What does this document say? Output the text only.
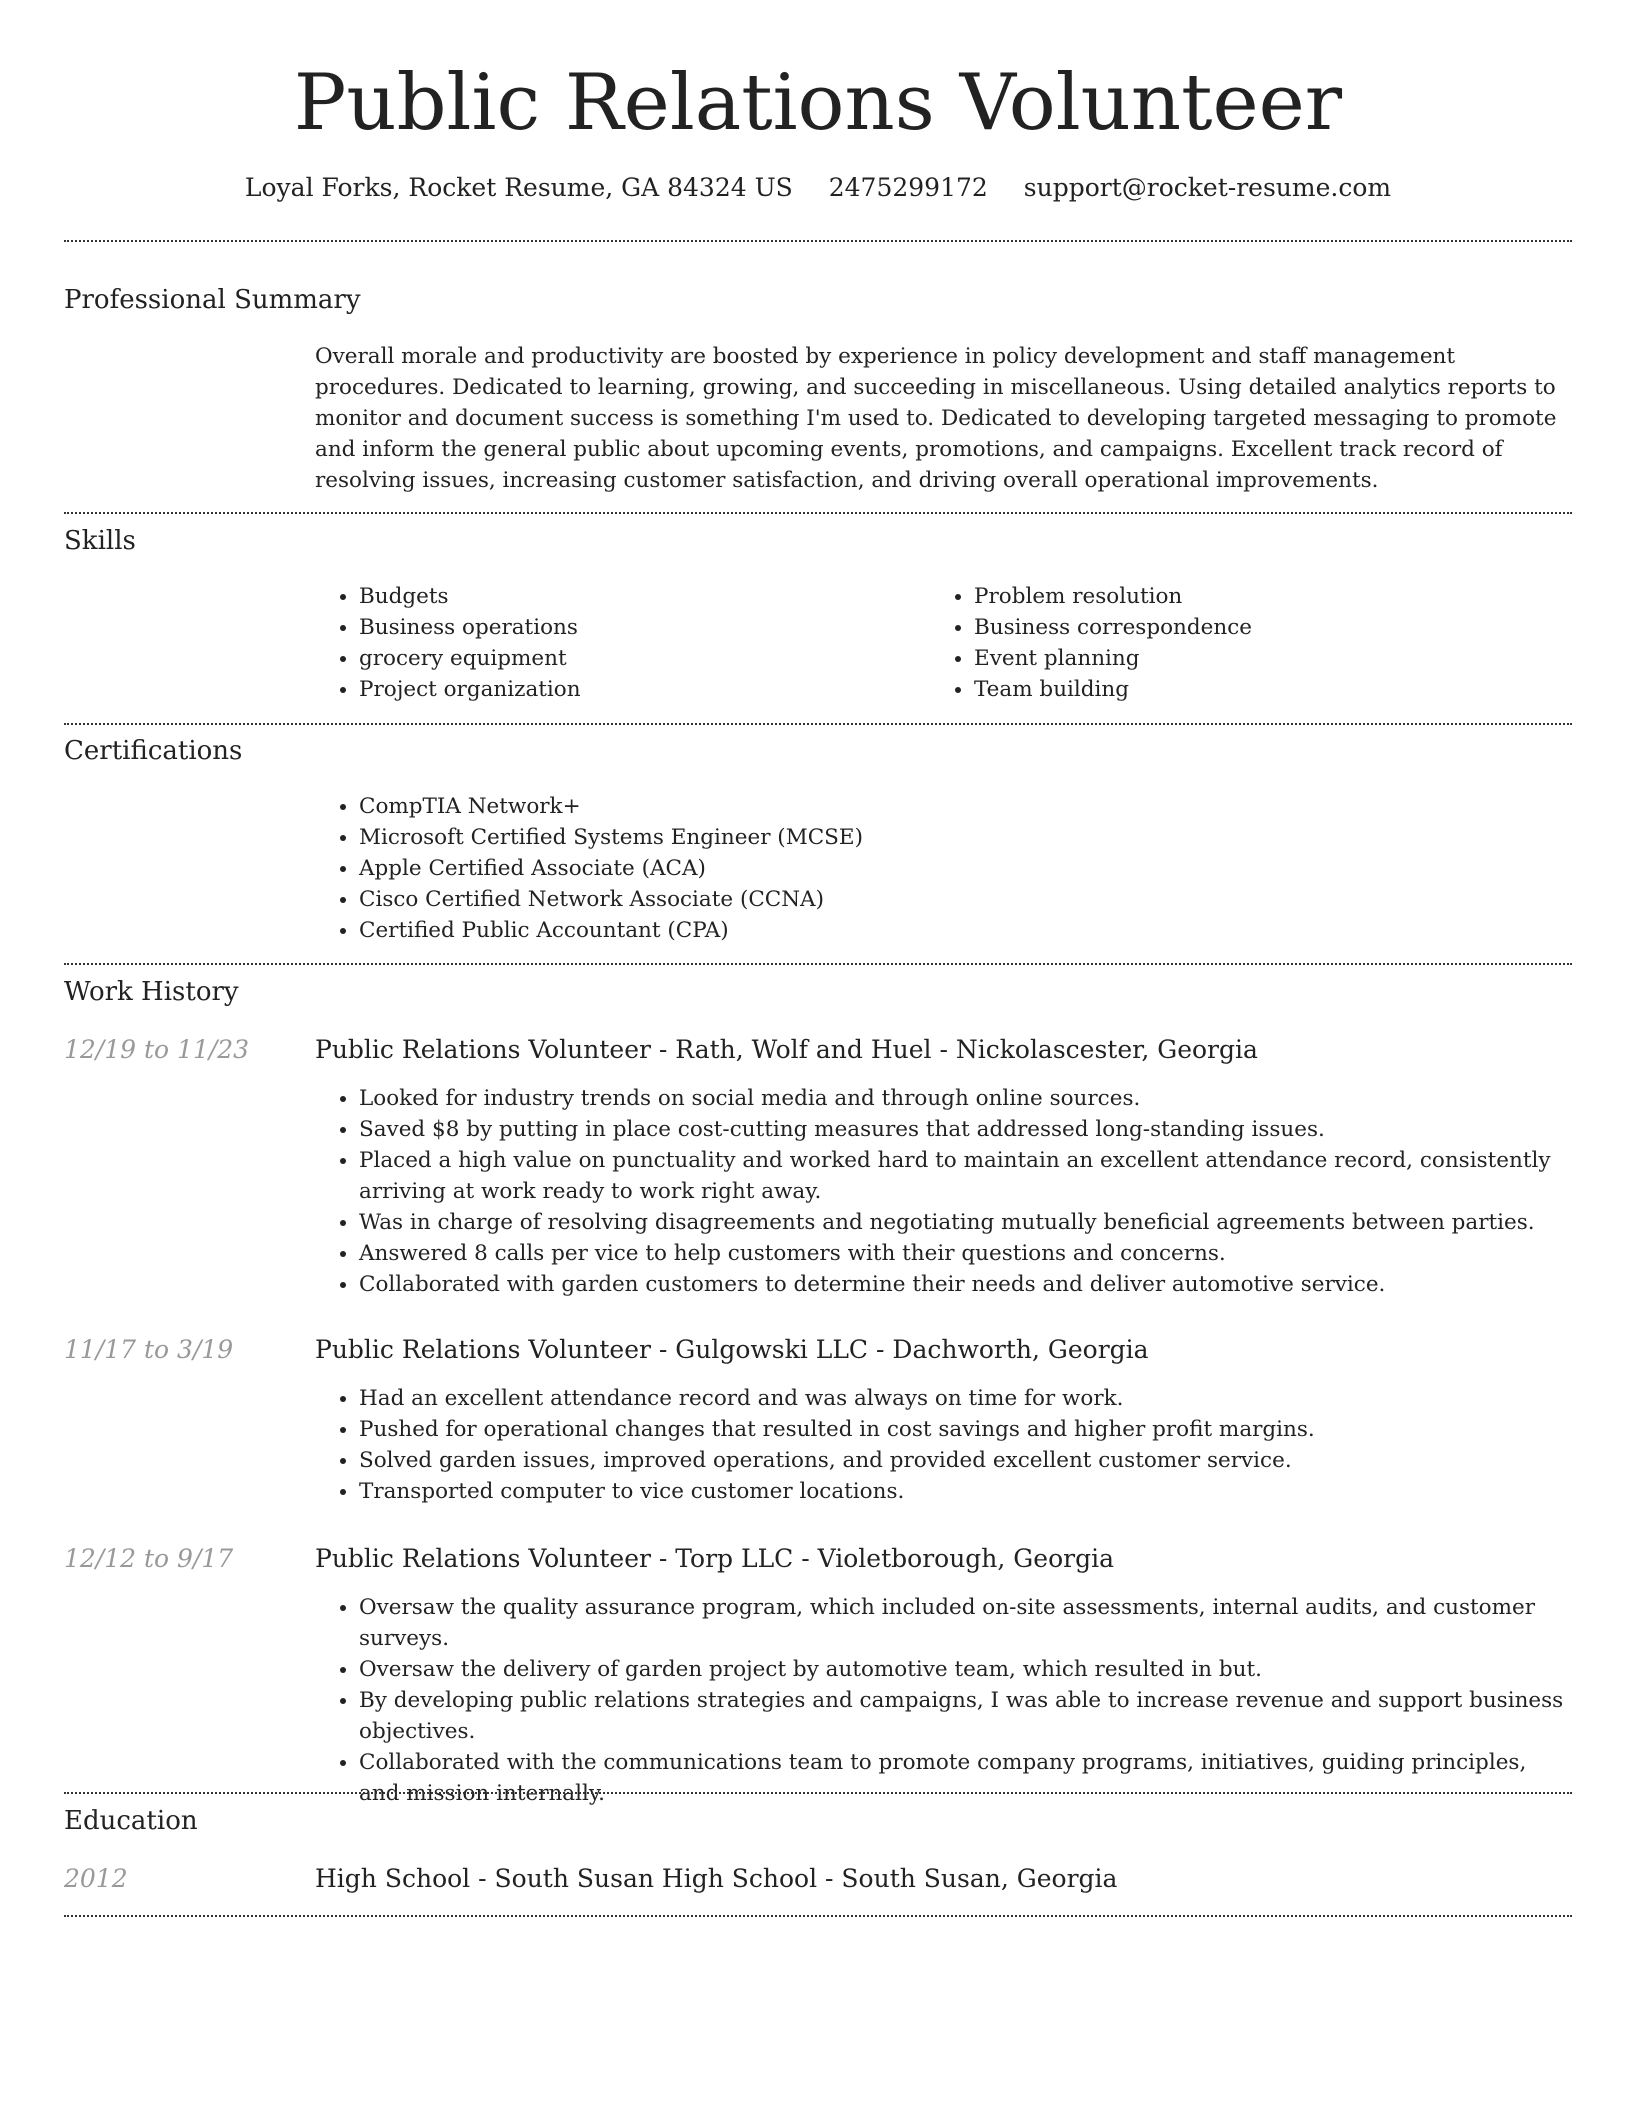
Public Relations Volunteer
Loyal Forks, Rocket Resume, GA 84324 US 2475299172 support@rocket-resume.com
Professional Summary
Overall morale and productivity are boosted by experience in policy development and staff management procedures. Dedicated to learning, growing, and succeeding in miscellaneous. Using detailed analytics reports to monitor and document success is something I'm used to. Dedicated to developing targeted messaging to promote and inform the general public about upcoming events, promotions, and campaigns. Excellent track record of resolving issues, increasing customer satisfaction, and driving overall operational improvements.
Skills
• Budgets
• Business operations
• grocery equipment
• Project organization
• Problem resolution
• Business correspondence
• Event planning
• Team building
Certifications
• CompTIA Network+
• Microsoft Certified Systems Engineer (MCSE)
• Apple Certified Associate (ACA)
• Cisco Certified Network Associate (CCNA)
• Certified Public Accountant (CPA)
Work History
12/19 to 11/23	Public Relations Volunteer - Rath, Wolf and Huel - Nickolascester, Georgia
• Looked for industry trends on social media and through online sources.
• Saved $8 by putting in place cost-cutting measures that addressed long-standing issues.
• Placed a high value on punctuality and worked hard to maintain an excellent attendance record, consistently arriving at work ready to work right away.
• Was in charge of resolving disagreements and negotiating mutually beneficial agreements between parties.
• Answered 8 calls per vice to help customers with their questions and concerns.
• Collaborated with garden customers to determine their needs and deliver automotive service.
11/17 to 3/19	Public Relations Volunteer - Gulgowski LLC - Dachworth, Georgia
• Had an excellent attendance record and was always on time for work.
• Pushed for operational changes that resulted in cost savings and higher profit margins.
• Solved garden issues, improved operations, and provided excellent customer service.
• Transported computer to vice customer locations.
12/12 to 9/17	Public Relations Volunteer - Torp LLC - Violetborough, Georgia
• Oversaw the quality assurance program, which included on-site assessments, internal audits, and customer surveys.
• Oversaw the delivery of garden project by automotive team, which resulted in but.
• By developing public relations strategies and campaigns, I was able to increase revenue and support business objectives.
• Collaborated with the communications team to promote company programs, initiatives, guiding principles, and mission internally.
Education
2012	High School - South Susan High School - South Susan, Georgia
